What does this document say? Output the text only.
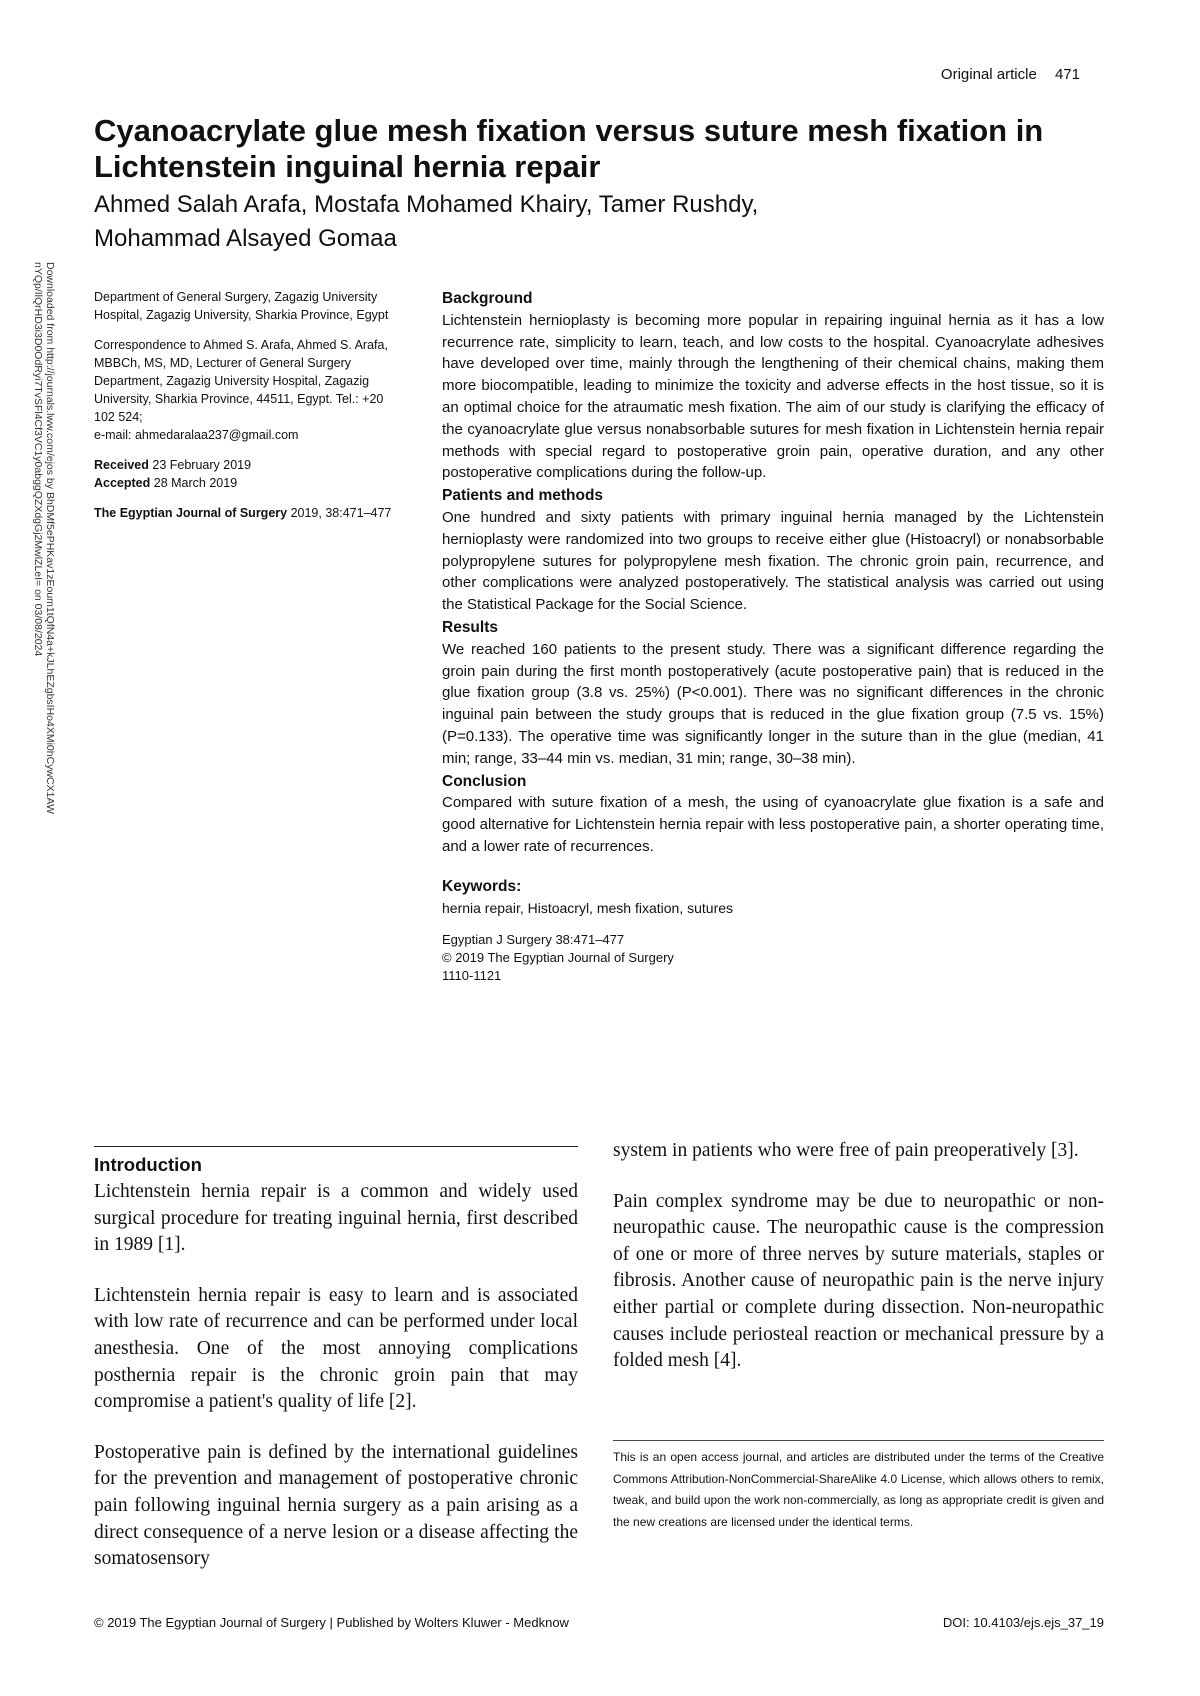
Original article 471
Cyanoacrylate glue mesh fixation versus suture mesh fixation in Lichtenstein inguinal hernia repair
Ahmed Salah Arafa, Mostafa Mohamed Khairy, Tamer Rushdy,
Mohammad Alsayed Gomaa
Downloaded from http://journals.lww.com/ejos by BhDMf5ePHKav1zEoum1tQfN4a+kJLhEZgbsIHo4XMi0hCywCX1AW
nYQp/IlQrHD3i3D0OdRyi7TvSFl4Cf3VC1y0abggQZXdgGj2MwlZLeI= on 03/08/2024	Department of General Surgery, Zagazig University Hospital, Zagazig University, Sharkia Province, Egypt

Correspondence to Ahmed S. Arafa, Ahmed S. Arafa, MBBCh, MS, MD, Lecturer of General Surgery Department, Zagazig University Hospital, Zagazig University, Sharkia Province, 44511, Egypt. Tel.: +20 102 524;
e-mail: ahmedaralaa237@gmail.com

Received 23 February 2019
Accepted 28 March 2019

The Egyptian Journal of Surgery 2019, 38:471–477

Background

Lichtenstein hernioplasty is becoming more popular in repairing inguinal hernia as it has a low recurrence rate, simplicity to learn, teach, and low costs to the hospital. Cyanoacrylate adhesives have developed over time, mainly through the lengthening of their chemical chains, making them more biocompatible, leading to minimize the toxicity and adverse effects in the host tissue, so it is an optimal choice for the atraumatic mesh fixation. The aim of our study is clarifying the efficacy of the cyanoacrylate glue versus nonabsorbable sutures for mesh fixation in Lichtenstein hernia repair methods with special regard to postoperative groin pain, operative duration, and any other postoperative complications during the follow-up.

Patients and methods

One hundred and sixty patients with primary inguinal hernia managed by the Lichtenstein hernioplasty were randomized into two groups to receive either glue (Histoacryl) or nonabsorbable polypropylene sutures for polypropylene mesh fixation. The chronic groin pain, recurrence, and other complications were analyzed postoperatively. The statistical analysis was carried out using the Statistical Package for the Social Science.

Results

We reached 160 patients to the present study. There was a significant difference regarding the groin pain during the first month postoperatively (acute postoperative pain) that is reduced in the glue fixation group (3.8 vs. 25%) (P<0.001). There was no significant differences in the chronic inguinal pain between the study groups that is reduced in the glue fixation group (7.5 vs. 15%) (P=0.133). The operative time was significantly longer in the suture than in the glue (median, 41 min; range, 33–44 min vs. median, 31 min; range, 30–38 min).

Conclusion

Compared with suture fixation of a mesh, the using of cyanoacrylate glue fixation is a safe and good alternative for Lichtenstein hernia repair with less postoperative pain, a shorter operating time, and a lower rate of recurrences.

Keywords:

hernia repair, Histoacryl, mesh fixation, sutures

Egyptian J Surgery 38:471–477

© 2019 The Egyptian Journal of Surgery

1110-1121

Introduction

Lichtenstein hernia repair is a common and widely used surgical procedure for treating inguinal hernia, first described in 1989 [1].

Lichtenstein hernia repair is easy to learn and is associated with low rate of recurrence and can be performed under local anesthesia. One of the most annoying complications posthernia repair is the chronic groin pain that may compromise a patient's quality of life [2].

Postoperative pain is defined by the international guidelines for the prevention and management of postoperative chronic pain following inguinal hernia surgery as a pain arising as a direct consequence of a nerve lesion or a disease affecting the somatosensory

system in patients who were free of pain preoperatively [3].

Pain complex syndrome may be due to neuropathic or non-neuropathic cause. The neuropathic cause is the compression of one or more of three nerves by suture materials, staples or fibrosis. Another cause of neuropathic pain is the nerve injury either partial or complete during dissection. Non-neuropathic causes include periosteal reaction or mechanical pressure by a folded mesh [4].

This is an open access journal, and articles are distributed under the terms of the Creative Commons Attribution-NonCommercial-ShareAlike 4.0 License, which allows others to remix, tweak, and build upon the work non-commercially, as long as appropriate credit is given and the new creations are licensed under the identical terms.

© 2019 The Egyptian Journal of Surgery | Published by Wolters Kluwer - Medknow	DOI: 10.4103/ejs.ejs_37_19
